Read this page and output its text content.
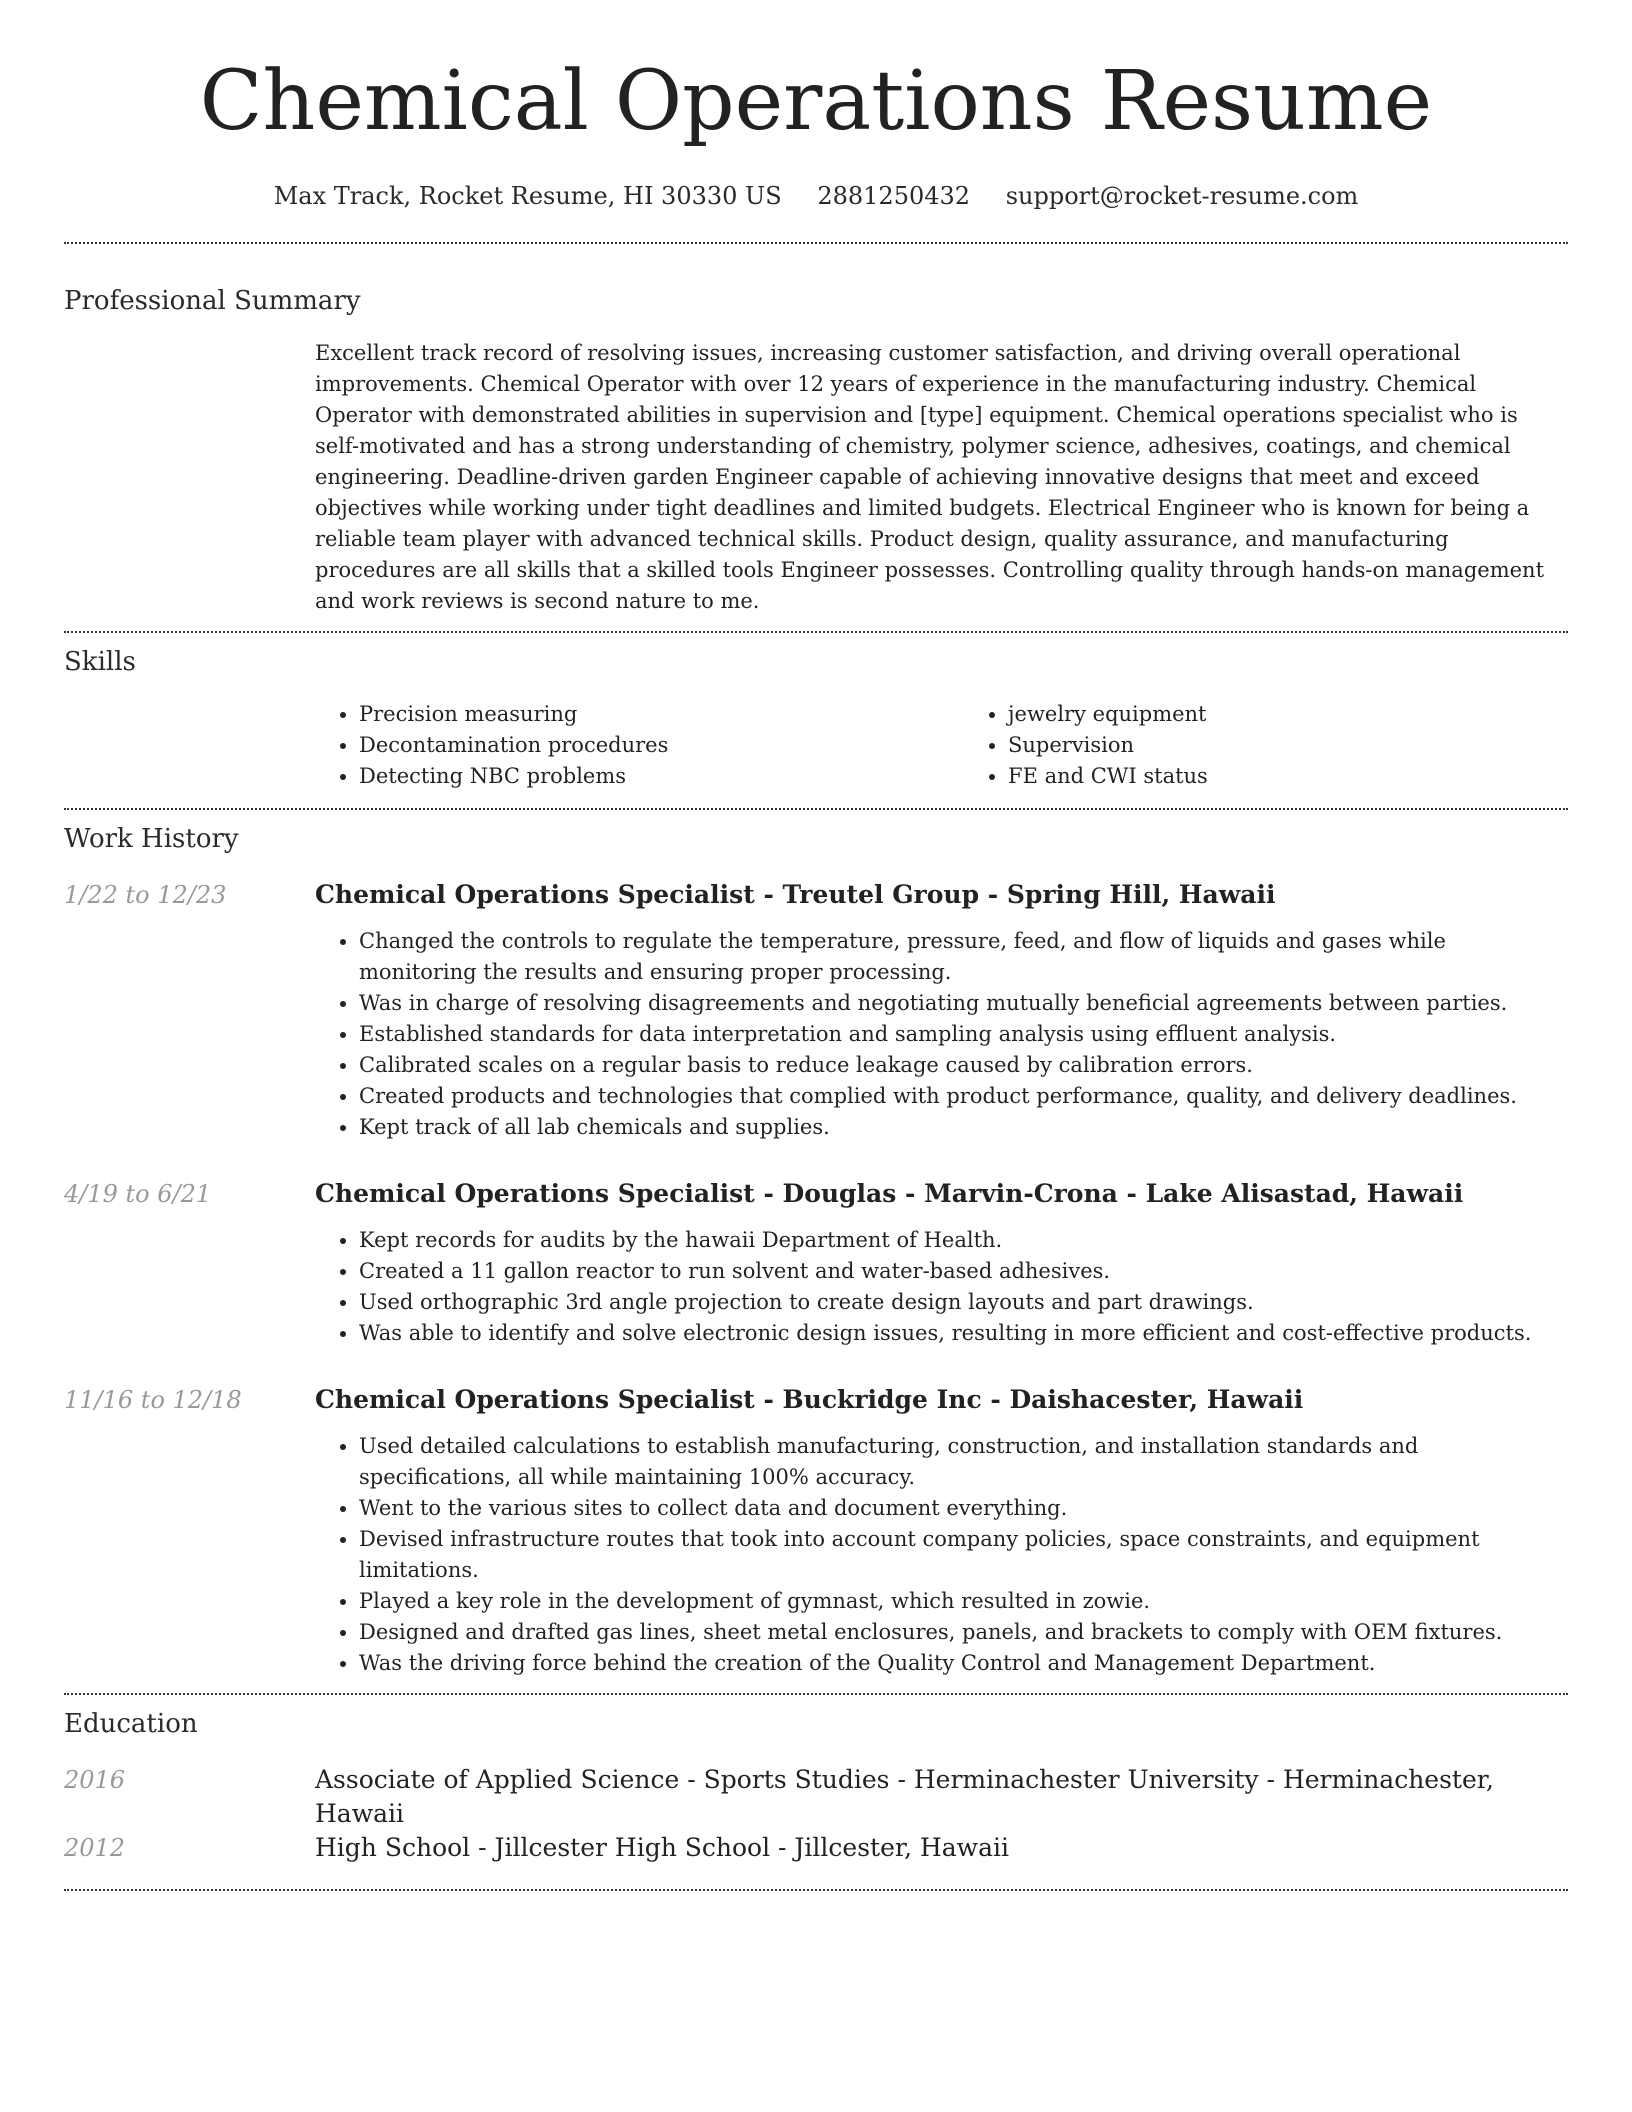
Chemical Operations Resume
Max Track, Rocket Resume, HI 30330 US 2881250432 support@rocket-resume.com
Professional Summary

Excellent track record of resolving issues, increasing customer satisfaction, and driving overall operational improvements. Chemical Operator with over 12 years of experience in the manufacturing industry. Chemical Operator with demonstrated abilities in supervision and [type] equipment. Chemical operations specialist who is self-motivated and has a strong understanding of chemistry, polymer science, adhesives, coatings, and chemical engineering. Deadline-driven garden Engineer capable of achieving innovative designs that meet and exceed objectives while working under tight deadlines and limited budgets. Electrical Engineer who is known for being a reliable team player with advanced technical skills. Product design, quality assurance, and manufacturing procedures are all skills that a skilled tools Engineer possesses. Controlling quality through hands-on management and work reviews is second nature to me.

Skills
• Precision measuring
• Decontamination procedures
• Detecting NBC problems
• jewelry equipment
• Supervision
• FE and CWI status
Work History
1/22 to 12/23	Chemical Operations Specialist - Treutel Group - Spring Hill, Hawaii
• Changed the controls to regulate the temperature, pressure, feed, and flow of liquids and gases while monitoring the results and ensuring proper processing.
• Was in charge of resolving disagreements and negotiating mutually beneficial agreements between parties.
• Established standards for data interpretation and sampling analysis using effluent analysis.
• Calibrated scales on a regular basis to reduce leakage caused by calibration errors.
• Created products and technologies that complied with product performance, quality, and delivery deadlines.
• Kept track of all lab chemicals and supplies.
4/19 to 6/21	Chemical Operations Specialist - Douglas - Marvin-Crona - Lake Alisastad, Hawaii
• Kept records for audits by the hawaii Department of Health.
• Created a 11 gallon reactor to run solvent and water-based adhesives.
• Used orthographic 3rd angle projection to create design layouts and part drawings.
• Was able to identify and solve electronic design issues, resulting in more efficient and cost-effective products.
11/16 to 12/18	Chemical Operations Specialist - Buckridge Inc - Daishacester, Hawaii
• Used detailed calculations to establish manufacturing, construction, and installation standards and specifications, all while maintaining 100% accuracy.
• Went to the various sites to collect data and document everything.
• Devised infrastructure routes that took into account company policies, space constraints, and equipment limitations.
• Played a key role in the development of gymnast, which resulted in zowie.
• Designed and drafted gas lines, sheet metal enclosures, panels, and brackets to comply with OEM fixtures.
• Was the driving force behind the creation of the Quality Control and Management Department.
Education
2016	Associate of Applied Science - Sports Studies - Herminachester University - Herminachester, Hawaii
2012	High School - Jillcester High School - Jillcester, Hawaii
